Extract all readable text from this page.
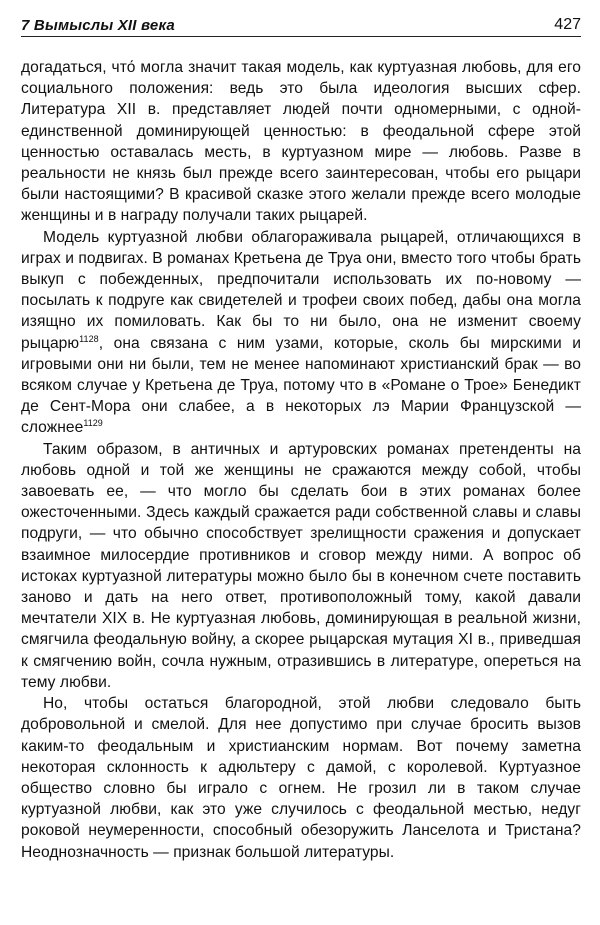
7 Вымыслы XII века	427

догадаться, что́ могла значит такая модель, как куртуазная любовь, для его социального положения: ведь это была идеология высших сфер. Литература XII в. представляет людей почти одномерными, с одной-единственной доминирующей ценностью: в феодальной сфере этой ценностью оставалась месть, в куртуазном мире — любовь. Разве в реальности не князь был прежде всего заинтересован, чтобы его рыцари были настоящими? В красивой сказке этого желали прежде всего молодые женщины и в награду получали таких рыцарей.

Модель куртуазной любви облагораживала рыцарей, отличающихся в играх и подвигах. В романах Кретьена де Труа они, вместо того чтобы брать выкуп с побежденных, предпочитали использовать их по-новому — посылать к подруге как свидетелей и трофеи своих побед, дабы она могла изящно их помиловать. Как бы то ни было, она не изменит своему рыцарю$^{1128}$, она связана с ним узами, которые, сколь бы мирскими и игровыми они ни были, тем не менее напоминают христианский брак — во всяком случае у Кретьена де Труа, потому что в «Романе о Трое» Бенедикт де Сент-Мора они слабее, а в некоторых лэ Марии Французской — сложнее$^{1129}$

Таким образом, в античных и артуровских романах претенденты на любовь одной и той же женщины не сражаются между собой, чтобы завоевать ее, — что могло бы сделать бои в этих романах более ожесточенными. Здесь каждый сражается ради собственной славы и славы подруги, — что обычно способствует зрелищности сражения и допускает взаимное милосердие противников и сговор между ними. А вопрос об истоках куртуазной литературы можно было бы в конечном счете поставить заново и дать на него ответ, противоположный тому, какой давали мечтатели XIX в. Не куртуазная любовь, доминирующая в реальной жизни, смягчила феодальную войну, а скорее рыцарская мутация XI в., приведшая к смягчению войн, сочла нужным, отразившись в литературе, опереться на тему любви.

Но, чтобы остаться благородной, этой любви следовало быть добровольной и смелой. Для нее допустимо при случае бросить вызов каким-то феодальным и христианским нормам. Вот почему заметна некоторая склонность к адюльтеру с дамой, с королевой. Куртуазное общество словно бы играло с огнем. Не грозил ли в таком случае куртуазной любви, как это уже случилось с феодальной местью, недуг роковой неумеренности, способный обезоружить Ланселота и Тристана? Неоднозначность — признак большой литературы.
